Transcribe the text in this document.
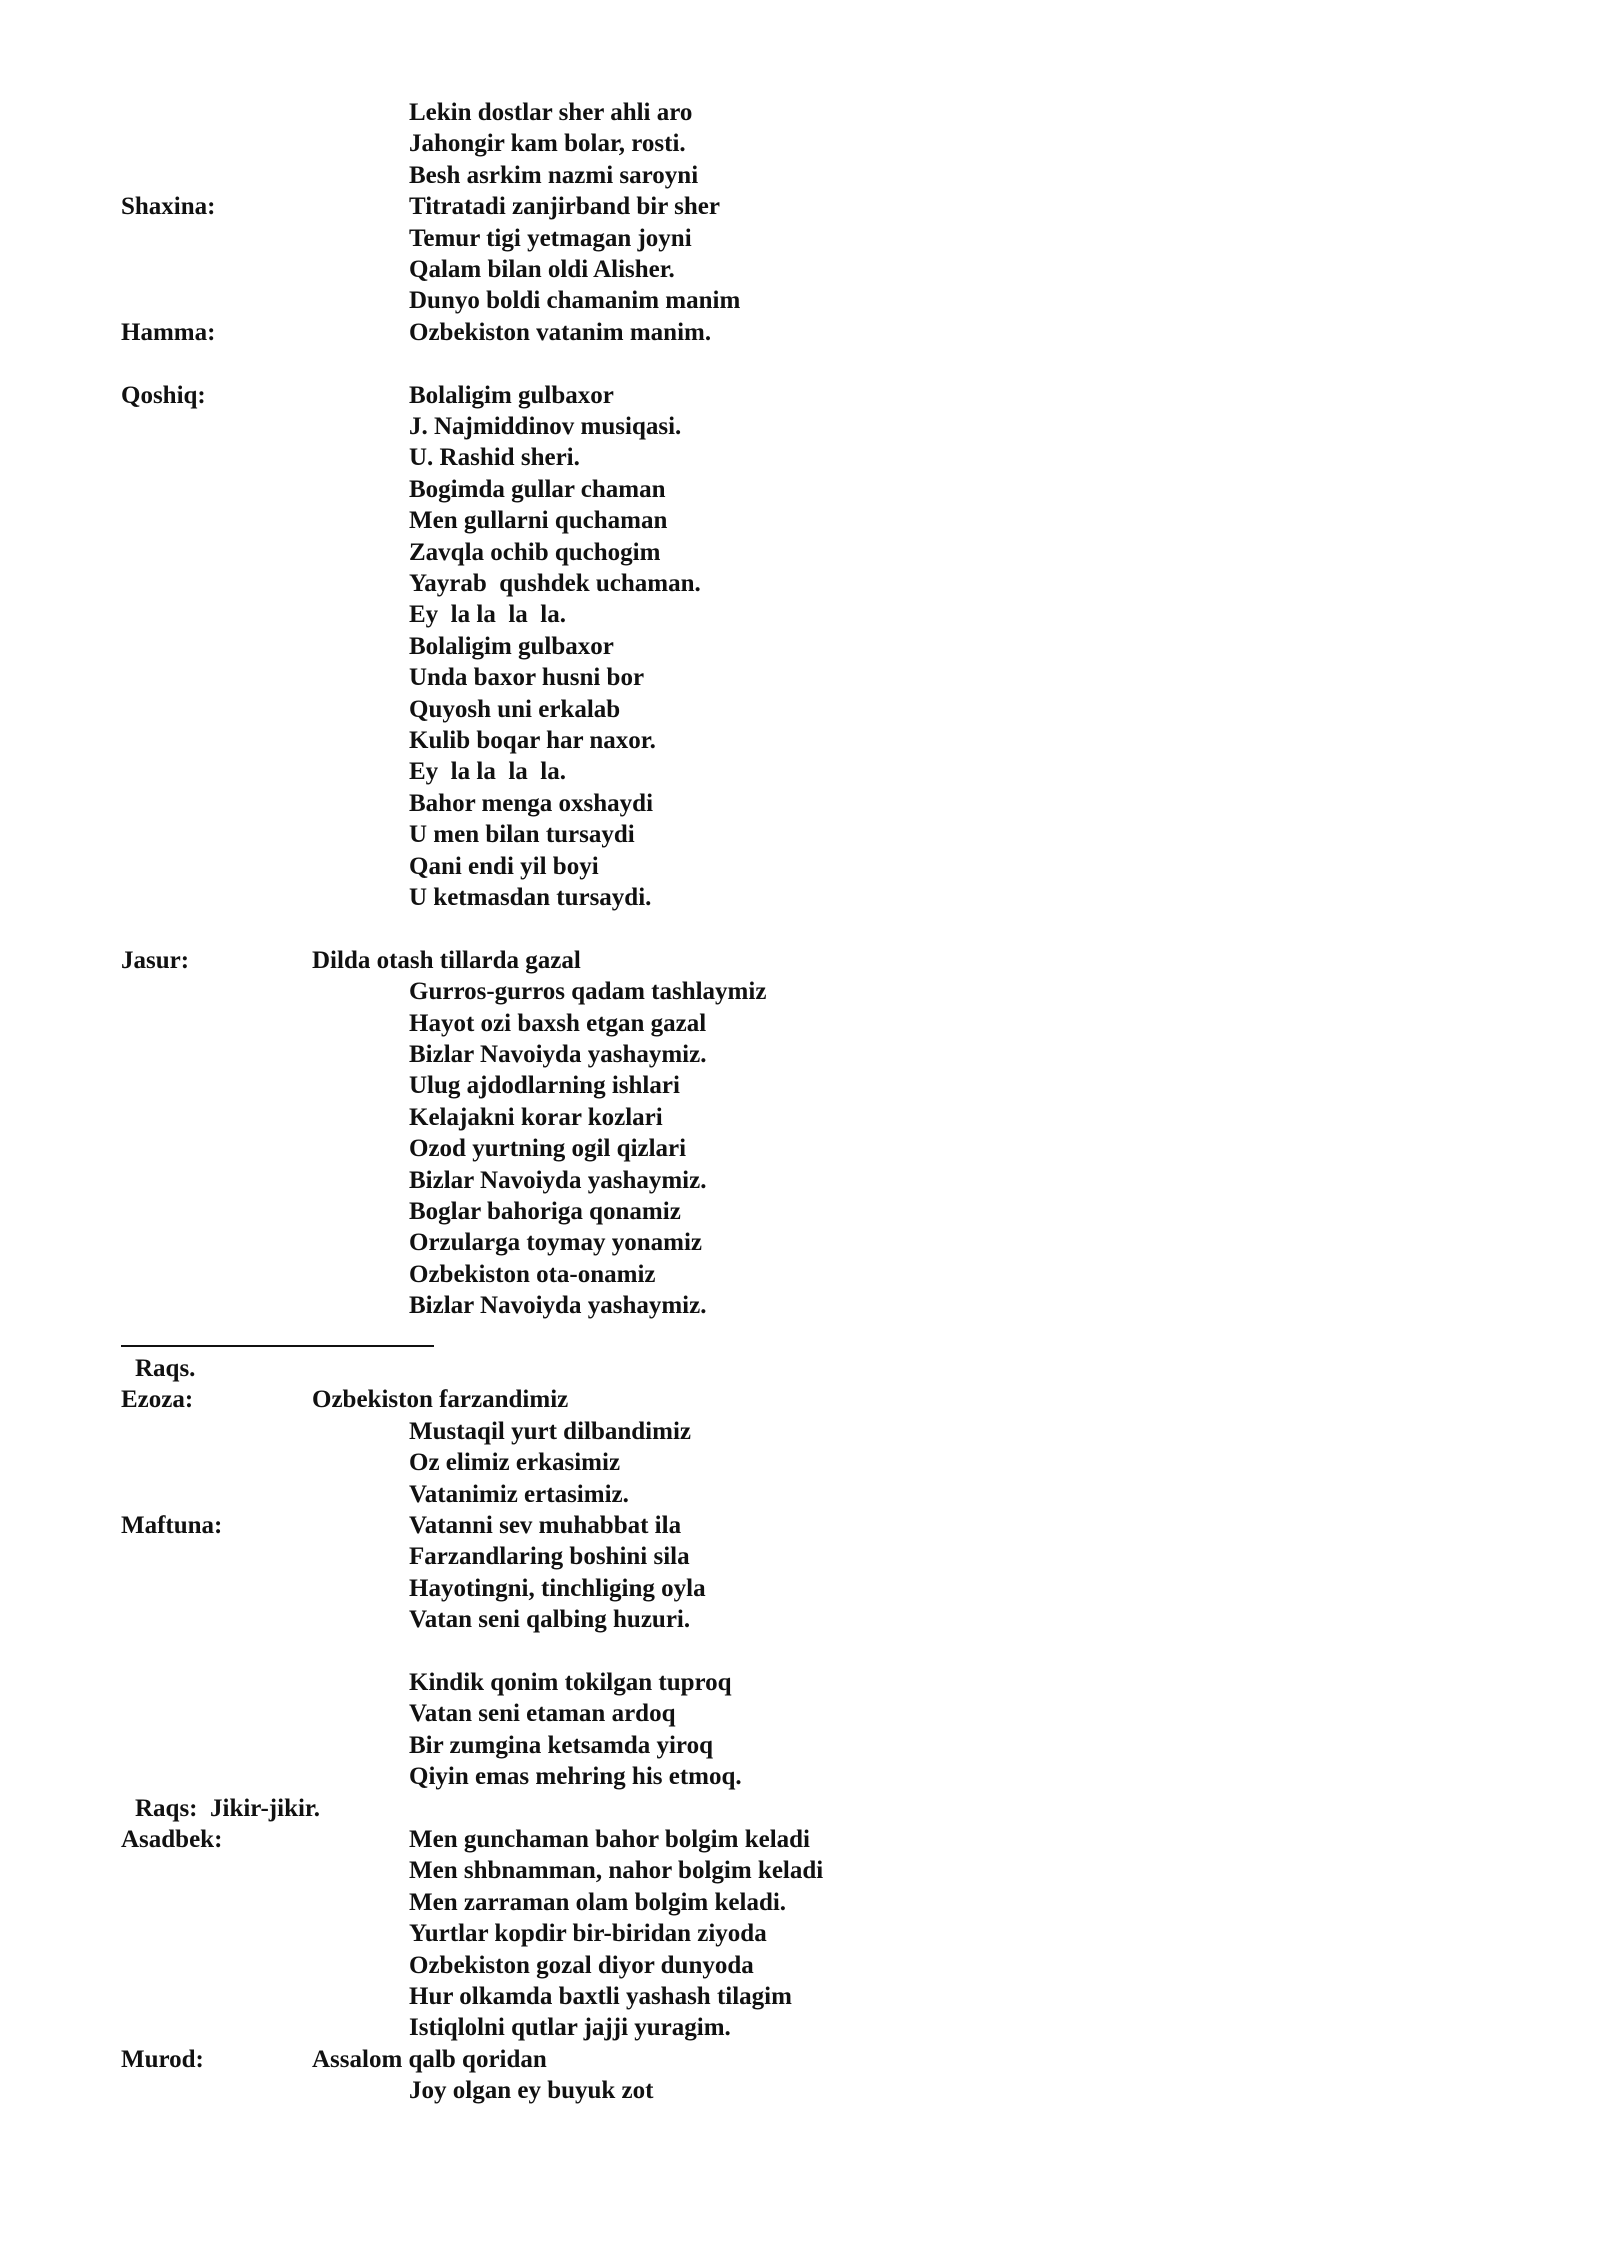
Lekin dostlar sher ahli aro
Jahongir kam bolar, rosti.
Besh asrkim nazmi saroyni
Shaxina:	Titratadi zanjirband bir sher
Temur tigi yetmagan joyni
Qalam bilan oldi Alisher.
Dunyo boldi chamanim manim
Hamma:	Ozbekiston vatanim manim.
Qoshiq:	Bolaligim gulbaxor
J. Najmiddinov musiqasi.
U. Rashid sheri.
Bogimda gullar chaman
Men gullarni quchaman
Zavqla ochib quchogim
Yayrab  qushdek uchaman.
Ey  la la  la  la.
Bolaligim gulbaxor
Unda baxor husni bor
Quyosh uni erkalab
Kulib boqar har naxor.
Ey  la la  la  la.
Bahor menga oxshaydi
U men bilan tursaydi
Qani endi yil boyi
U ketmasdan tursaydi.
Jasur:	Dilda otash tillarda gazal
Gurros-gurros qadam tashlaymiz
Hayot ozi baxsh etgan gazal
Bizlar Navoiyda yashaymiz.
Ulug ajdodlarning ishlari
Kelajakni korar kozlari
Ozod yurtning ogil qizlari
Bizlar Navoiyda yashaymiz.
Boglar bahoriga qonamiz
Orzularga toymay yonamiz
Ozbekiston ota-onamiz
Bizlar Navoiyda yashaymiz.
Raqs.
Ezoza:	Ozbekiston farzandimiz
Mustaqil yurt dilbandimiz
Oz elimiz erkasimiz
Vatanimiz ertasimiz.
Maftuna:	Vatanni sev muhabbat ila
Farzandlaring boshini sila
Hayotingni, tinchliging oyla
Vatan seni qalbing huzuri.
Kindik qonim tokilgan tuproq
Vatan seni etaman ardoq
Bir zumgina ketsamda yiroq
Qiyin emas mehring his etmoq.
Raqs:  Jikir-jikir.
Asadbek:	Men gunchaman bahor bolgim keladi
Men shbnamman, nahor bolgim keladi
Men zarraman olam bolgim keladi.
Yurtlar kopdir bir-biridan ziyoda
Ozbekiston gozal diyor dunyoda
Hur olkamda baxtli yashash tilagim
Istiqlolni qutlar jajji yuragim.
Murod:	Assalom qalb qoridan
Joy olgan ey buyuk zot
